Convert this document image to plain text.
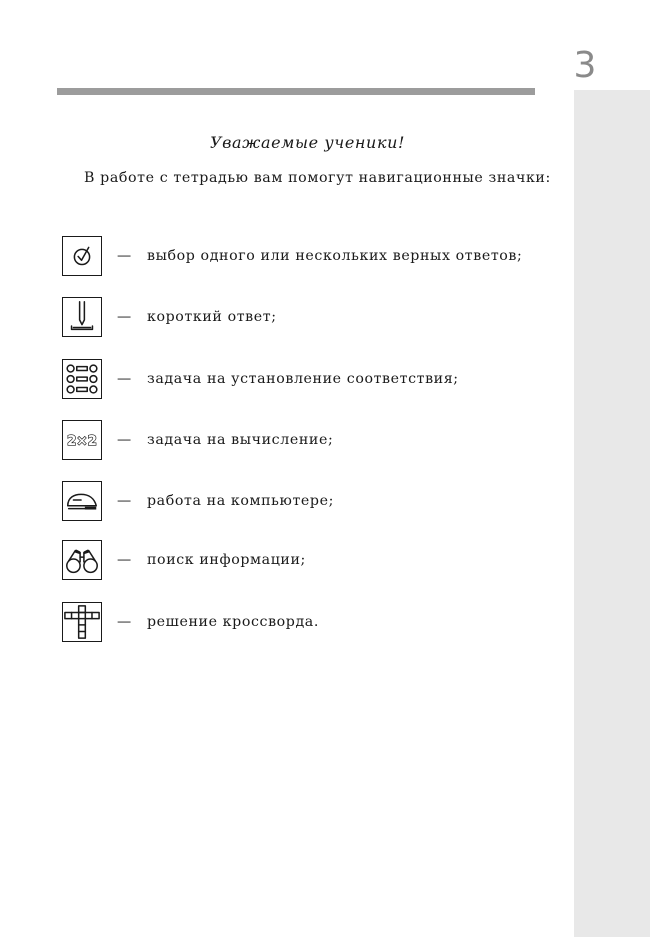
3
Уважаемые ученики!
В работе с тетрадью вам помогут навигационные значки:
— выбор одного или нескольких верных ответов;
— короткий ответ;
— задача на установление соответствия;
2×2 — задача на вычисление;
— работа на компьютере;
— поиск информации;
— решение кроссворда.
